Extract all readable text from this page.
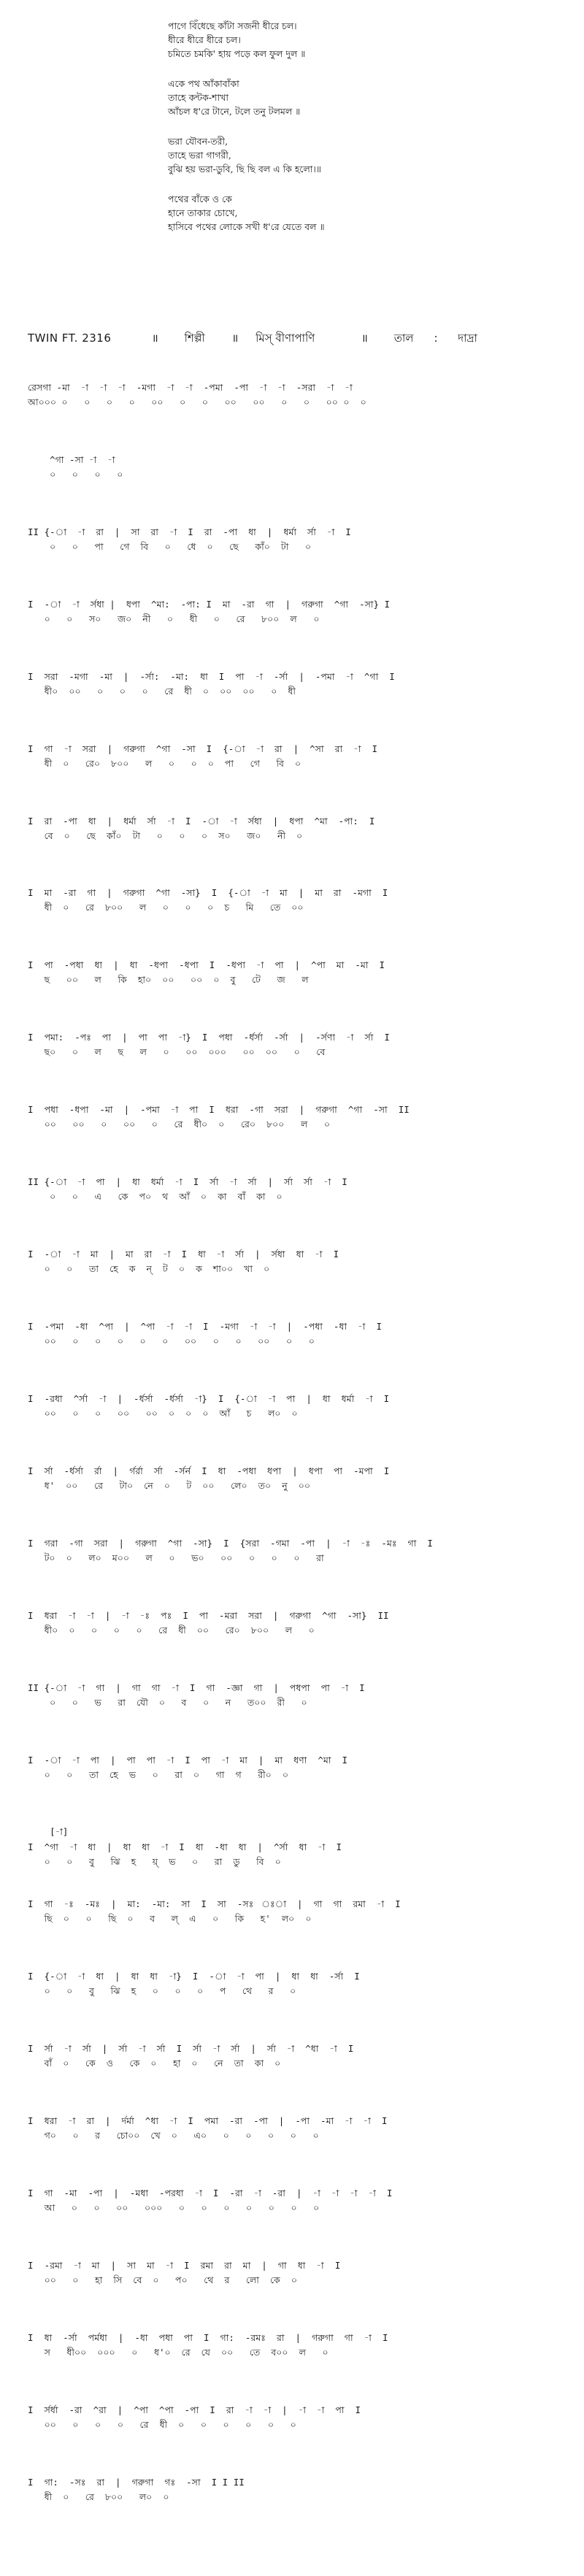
পাগে বিঁধেছে কাঁটা সজনী ধীরে চল।
ধীরে ধীরে ধীরে চল।
চমিতে চমকি' হায় পড়ে কল ফুল দুল ॥
একে পথ আঁকাবাঁকা
তাহে কন্টক-শাখা
আঁচল ধ'রে টানে, টলে তনু টলমল ॥
ভরা যৌবন-তরী,
তাহে ভরা গাগরী,
বুঝি হয় ভরা-ডুবি, ছি ছি বল এ কি হলো।॥
পথের বাঁকে ও কে
হানে তাকার চোখে,
হাসিবে পথের লোকে সখী ধ'রে যেতে বল ॥
TWIN FT. 2316	॥ শিল্পী ॥ মিস্ বীণাপাণি	॥ তাল : দাদ্রা
রেসগা -মা  -া  -া  -া  -মগা  -া  -া  -পমা  -পা  -া  -া  -সরা  -া  -া
আ০০০ ০   ০   ০   ০   ০০   ০   ০   ০০   ০০   ০   ০   ০০ ০  ০
^গা -সা -া  -া
০   ০   ০   ০
II {-া  -া  রা  |  সা  রা  -া  I  রা  -পা  ধা  |  ধর্মা  র্সা  -া  I
০   ০   পা   গে  বি   ০   ধে  ০   ছে   কাঁ০  টা   ০
I  -া  -া  র্সধা |  ধপা  ^মা:  -পা: I  মা  -রা  গা  |  গরুগা  ^গা  -সা} I
০   ০   স০   জ০  নী   ০   ধী   ০   রে   ৮০০  ল   ০
I  সরা  -মগা  -মা  |  -র্সা:  -মা:  ধা  I  পা  -া  -র্সা  |  -পমা  -া  ^গা  I
ধী০  ০০   ০   ০   ০   রে  ধী  ০  ০০  ০০   ০  ধী
I  গা  -া  সরা  |  গরুগা  ^গা  -সা  I  {-া  -া  রা  |  ^সা  রা  -া  I
ধী  ০   রে০  ৮০০   ল   ০   ০  ০  পা   গে   বি  ০
I  রা  -পা  ধা  |  ধর্মা  র্সা  -া  I  -া  -া  র্সধা  |  ধপা  ^মা  -পা:  I
বে  ০   ছে  কাঁ০  টা   ০   ০   ০  স০   জ০   নী  ০
I  মা  -রা  গা  |  গরুগা  ^গা  -সা}  I  {-া  -া  মা  |  মা  রা  -মগা  I
ধী  ০   রে  ৮০০   ল   ০   ০   ০  চ   মি   তে  ০০
I  পা  -পধা  ধা  |  ধা  -ধপা  -ধপা  I  -ধপা  -া  পা  |  ^পা  মা  -মা  I
ছ   ০০   ল   কি  হা০  ০০   ০০  ০  বু   টে   জ   ল
I  পমা:  -পঃ  পা  |  পা  পা  -া}  I  পধা  -র্ধর্সা  -র্সা  |  -র্সণা  -া  র্সা  I
ছ০   ০   ল   ছ   ল   ০   ০০  ০০০   ০০  ০০   ০   বে
I  পধা  -ধপা  -মা  |  -পমা  -া  পা  I  ধরা  -গা  সরা  |  গরুগা  ^গা  -সা  II
০০   ০০   ০   ০০   ০   রে  ধী০  ০   রে০  ৮০০   ল   ০
II {-া  -া  পা  |  ধা  ধর্মা  -া  I  র্সা  -া  র্সা  |  র্সা  র্সা  -া  I
০   ০   এ   কে  প০  থ  আঁ  ০  কা  বাঁ  কা  ০
I  -া  -া  মা  |  মা  রা  -া  I  ধা  -া  র্সা  |  র্সধা  ধা  -া  I
০   ০   তা  হে  ক  ন্  ট  ০  ক  শা০০  খা  ০
I  -পমা  -ধা  ^পা  |  ^পা  -া  -া  I  -মগা  -া  -া  |  -পধা  -ধা  -া  I
০০   ০   ০   ০   ০   ০   ০০   ০   ০   ০০   ০   ০
I  -রধা  ^র্সা  -া  |  -র্ধর্সা  -র্ধর্সা  -া}  I  {-া  -া  পা  |  ধা  ধর্মা  -া  I
০০   ০   ০   ০০   ০০  ০  ০  ০  আঁ   চ   ল০  ০
I  র্সা  -র্ধর্সা  র্রা  |  র্গর্রা  র্সা  -র্সর্ন  I  ধা  -পধা  ধপা  |  ধপা  পা  -মপা  I
ধ'  ০০   রে   টা০  নে  ০   ট  ০০   লে০  ত০  নু  ০০
I  গরা  -গা  সরা  |  গরুগা  ^গা  -সা}  I  {সরা  -গমা  -পা  |  -া  -ঃ  -মঃ  গা  I
ট০  ০   ল০  ম০০   ল   ০   ভ০   ০০   ০   ০   ০   রা
I  ধরা  -া  -া  |  -া  -ঃ  পঃ  I  পা  -মরা  সরা  |  গরুগা  ^গা  -সা}  II
ধী০  ০   ০   ০   ০   রে  ধী  ০০   রে০  ৮০০   ল   ০
II {-া  -া  গা  |  গা  গা  -া  I  গা  -জ্ঞা  গা  |  পধপা  পা  -া  I
০   ০   ভ   রা  যৌ  ০   ব   ০   ন   ত০০  রী   ০
I  -া  -া  পা  |  পা  পা  -া  I  পা  -া  মা  |  মা  ধণা  ^মা  I
০   ০   তা  হে  ভ   ০   রা  ০   গা  গ   রী০  ০
[-া]
I  ^গা  -া  ধা  |  ধা  ধা  -া  I  ধা  -ধা  ধা  |  ^র্সা  ধা  -া  I
০   ০   বু   ঝি  হ   য়্  ভ   ০   রা  ডু   বি  ০
I  গা  -ঃ  -মঃ  |  মা:  -মা:  সা  I  সা  -সঃ  ঃা  |  গা  গা  রমা  -া  I
ছি  ০   ০   ছি  ০   ব   ল্  এ   ০   কি   হ'  ল০  ০
I  {-া  -া  ধা  |  ধা  ধা  -া}  I  -া  -া  পা  |  ধা  ধা  -র্সা  I
০   ০   বু   ঝি  হ   ০   ০   ০   প   থে   র   ০
I  র্সা  -া  র্সা  |  র্সা  -া  র্সা  I  র্সা  -া  র্সা  |  র্সা  -া  ^ধা  -া  I
বাঁ  ০   কে  ও   কে  ০   হা  ০   নে  তা  কা  ০
I  ধরা  -া  রা  |  র্দর্মা  ^ধা  -া  I  পমা  -রা  -পা  |  -পা  -মা  -া  -া  I
গ০   ০   র   চো০০  খে  ০   এ০   ০   ০   ০   ০   ০
I  গা  -মা  -পা  |  -মধা  -পরধা  -া  I  -রা  -া  -রা  |  -া  -া  -া  -া  I
আ   ০   ০   ০০   ০০০   ০   ০   ০   ০   ০   ০   ০
I  -রমা  -া  মা  |  সা  মা  -া  I  রমা  রা  মা  |  গা  ধা  -া  I
০০   ০   হা  সি  বে  ০   প০   থে  র   লো  কে  ০
I  ধা  -র্সা  পর্মধা  |  -ধা  পধা  পা  I  গা:  -রমঃ  রা  |  গরুগা  গা  -া  I
স   ধী০০  ০০০   ০   ধ'০  রে  যে  ০০   তে  ব০০  ল   ০
I  র্সর্ধা  -রা  ^রা  |  ^পা  ^পা  -পা  I  রা  -া  -া  |  -া  -া  পা  I
০০   ০   ০   ০   রে  ধী  ০   ০   ০   ০   ০   ০
I  গা:  -সঃ  রা  |  গরুগা  গঃ  -সা  I I II
ধী  ০   রে  ৮০০   ল০  ০
